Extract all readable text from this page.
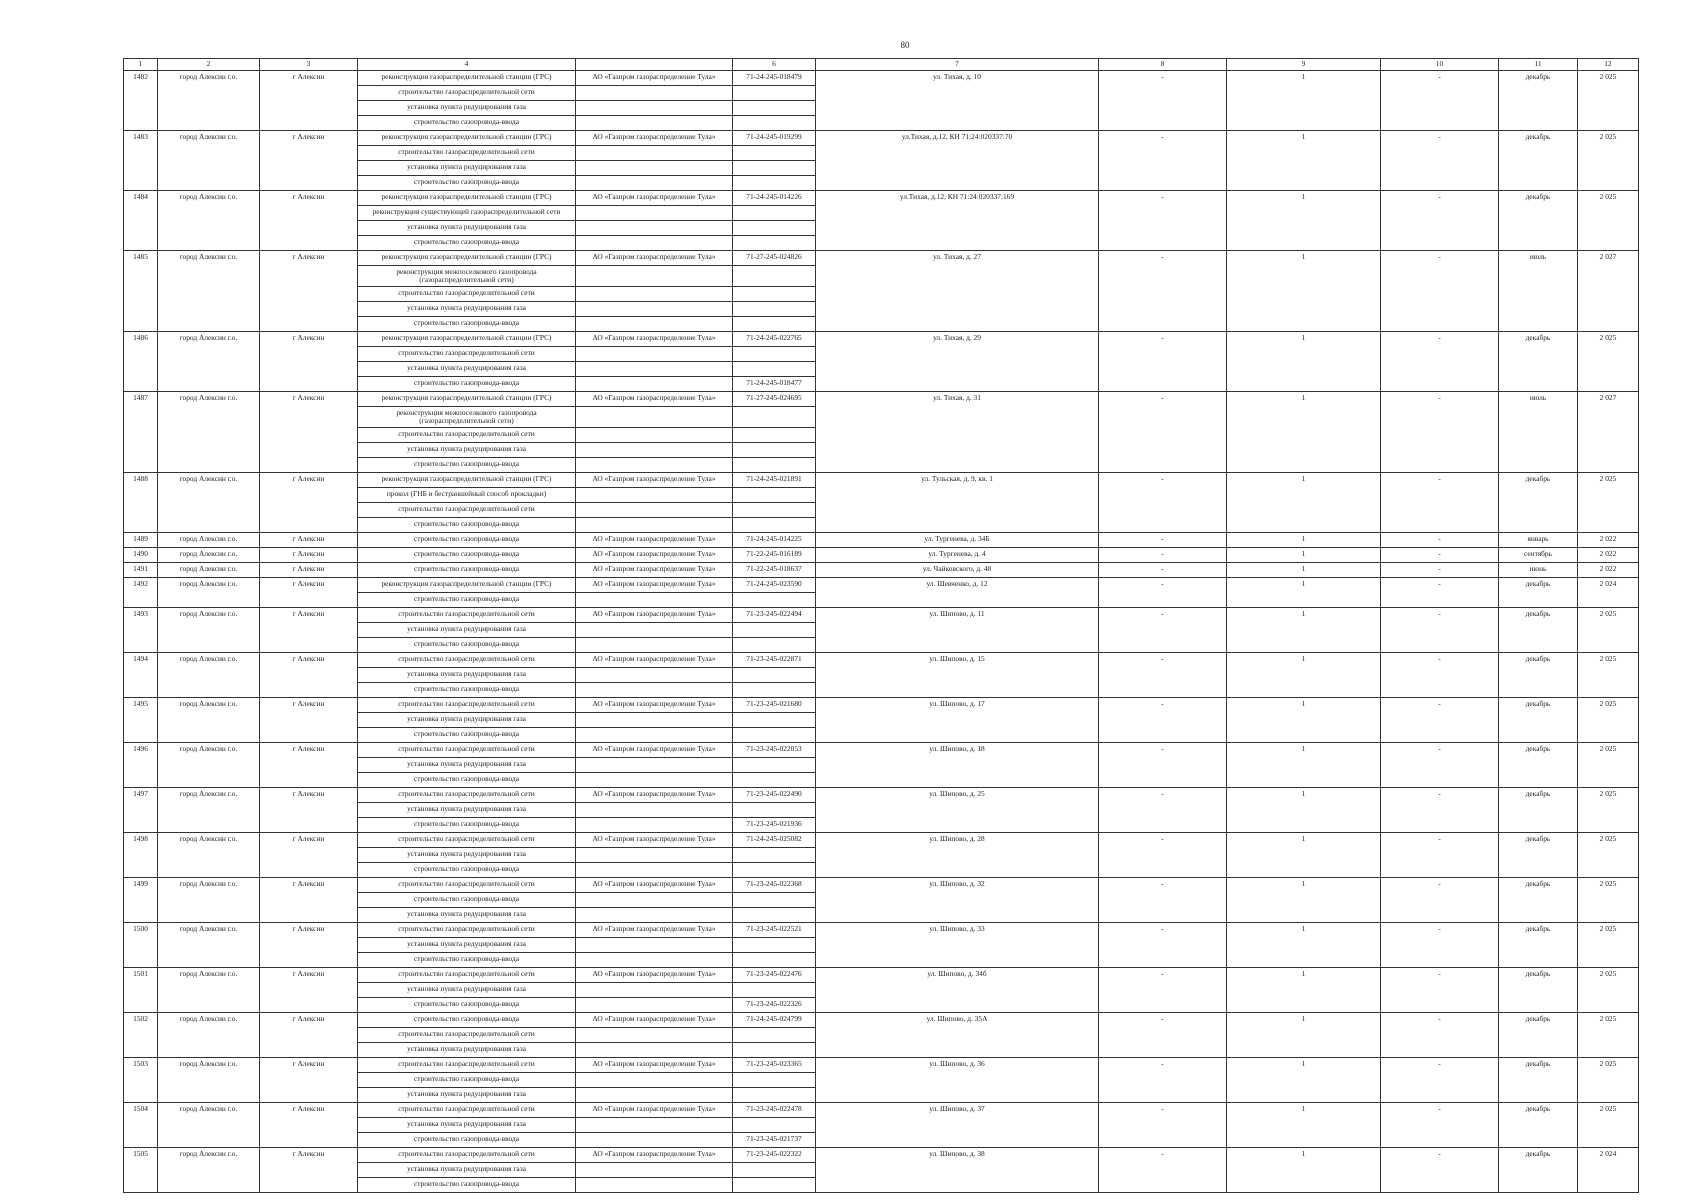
80
1	2	3	4		6	7	8	9	10	11	12
1482	город Алексин г.о.	г Алексин	реконструкция газораспределительной станции (ГРС)	АО «Газпром газораспределение Тула»	71-24-245-018479	ул. Тихая, д. 10	-	1	-	декабрь	2 025
			строительство газораспределительной сети								
			установка пункта редуцирования газа								
			строительство газопровода-ввода								
1483	город Алексин г.о.	г Алексин	реконструкция газораспределительной станции (ГРС)	АО «Газпром газораспределение Тула»	71-24-245-019299	ул.Тихая, д.12, КН 71:24:020337:70	-	1	-	декабрь	2 025
			строительство газораспределительной сети								
			установка пункта редуцирования газа								
			строительство газопровода-ввода								
1484	город Алексин г.о.	г Алексин	реконструкция газораспределительной станции (ГРС)	АО «Газпром газораспределение Тула»	71-24-245-014226	ул.Тихая, д.12, КН 71:24:020337:169	-	1	-	декабрь	2 025
			реконструкция существующей газораспределительной сети								
			установка пункта редуцирования газа								
			строительство газопровода-ввода								
1485	город Алексин г.о.	г Алексин	реконструкция газораспределительной станции (ГРС)	АО «Газпром газораспределение Тула»	71-27-245-024826	ул. Тихая, д. 27	-	1	-	июль	2 027
			реконструкция межпоселкового газопровода (газораспределительной сети)								
			строительство газораспределительной сети								
			установка пункта редуцирования газа								
			строительство газопровода-ввода								
1486	город Алексин г.о.	г Алексин	реконструкция газораспределительной станции (ГРС)	АО «Газпром газораспределение Тула»	71-24-245-022765	ул. Тихая, д. 29	-	1	-	декабрь	2 025
			строительство газораспределительной сети								
			установка пункта редуцирования газа								
			строительство газопровода-ввода		71-24-245-018477						
1487	город Алексин г.о.	г Алексин	реконструкция газораспределительной станции (ГРС)	АО «Газпром газораспределение Тула»	71-27-245-024695	ул. Тихая, д. 31	-	1	-	июль	2 027
			реконструкция межпоселкового газопровода (газораспределительной сети)								
			строительство газораспределительной сети								
			установка пункта редуцирования газа								
			строительство газопровода-ввода								
1488	город Алексин г.о.	г Алексин	реконструкция газораспределительной станции (ГРС)	АО «Газпром газораспределение Тула»	71-24-245-021891	ул. Тульская, д. 9, кв. 1	-	1	-	декабрь	2 025
			прокол (ГНБ и бестраншейный способ прокладки)								
			строительство газораспределительной сети								
			строительство газопровода-ввода								
1489	город Алексин г.о.	г Алексин	строительство газопровода-ввода	АО «Газпром газораспределение Тула»	71-24-245-014225	ул. Тургенева, д. 34Б	-	1	-	январь	2 022
1490	город Алексин г.о.	г Алексин	строительство газопровода-ввода	АО «Газпром газораспределение Тула»	71-22-245-016189	ул. Тургенева, д. 4	-	1	-	сентябрь	2 022
1491	город Алексин г.о.	г Алексин	строительство газопровода-ввода	АО «Газпром газораспределение Тула»	71-22-245-018637	ул. Чайковского, д. 48	-	1	-	июнь	2 022
1492	город Алексин г.о.	г Алексин	реконструкция газораспределительной станции (ГРС)	АО «Газпром газораспределение Тула»	71-24-245-023590	ул. Шевченко, д. 12	-	1	-	декабрь	2 024
			строительство газопровода-ввода								
1493	город Алексин г.о.	г Алексин	строительство газораспределительной сети	АО «Газпром газораспределение Тула»	71-23-245-022494	ул. Шипово, д. 11	-	1	-	декабрь	2 025
			установка пункта редуцирования газа								
			строительство газопровода-ввода								
1494	город Алексин г.о.	г Алексин	строительство газораспределительной сети	АО «Газпром газораспределение Тула»	71-23-245-022871	ул. Шипово, д. 15	-	1	-	декабрь	2 025
			установка пункта редуцирования газа								
			строительство газопровода-ввода								
1495	город Алексин г.о.	г Алексин	строительство газораспределительной сети	АО «Газпром газораспределение Тула»	71-23-245-021680	ул. Шипово, д. 17	-	1	-	декабрь	2 025
			установка пункта редуцирования газа								
			строительство газопровода-ввода								
1496	город Алексин г.о.	г Алексин	строительство газораспределительной сети	АО «Газпром газораспределение Тула»	71-23-245-022053	ул. Шипово, д. 18	-	1	-	декабрь	2 025
			установка пункта редуцирования газа								
			строительство газопровода-ввода								
1497	город Алексин г.о.	г Алексин	строительство газораспределительной сети	АО «Газпром газораспределение Тула»	71-23-245-022490	ул. Шипово, д. 25	-	1	-	декабрь	2 025
			установка пункта редуцирования газа								
			строительство газопровода-ввода		71-23-245-021936						
1498	город Алексин г.о.	г Алексин	строительство газораспределительной сети	АО «Газпром газораспределение Тула»	71-24-245-025082	ул. Шипово, д. 28	-	1	-	декабрь	2 025
			установка пункта редуцирования газа								
			строительство газопровода-ввода								
1499	город Алексин г.о.	г Алексин	строительство газораспределительной сети	АО «Газпром газораспределение Тула»	71-23-245-022368	ул. Шипово, д. 32	-	1	-	декабрь	2 025
			строительство газопровода-ввода								
			установка пункта редуцирования газа								
1500	город Алексин г.о.	г Алексин	строительство газораспределительной сети	АО «Газпром газораспределение Тула»	71-23-245-022521	ул. Шипово, д. 33	-	1	-	декабрь	2 025
			установка пункта редуцирования газа								
			строительство газопровода-ввода								
1501	город Алексин г.о.	г Алексин	строительство газораспределительной сети	АО «Газпром газораспределение Тула»	71-23-245-022476	ул. Шипово, д. 34б	-	1	-	декабрь	2 025
			установка пункта редуцирования газа								
			строительство газопровода-ввода		71-23-245-022326						
1502	город Алексин г.о.	г Алексин	строительство газопровода-ввода	АО «Газпром газораспределение Тула»	71-24-245-024799	ул. Шипово, д. 35А	-	1	-	декабрь	2 025
			строительство газораспределительной сети								
			установка пункта редуцирования газа								
1503	город Алексин г.о.	г Алексин	строительство газораспределительной сети	АО «Газпром газораспределение Тула»	71-23-245-023365	ул. Шипово, д. 36	-	1	-	декабрь	2 025
			строительство газопровода-ввода								
			установка пункта редуцирования газа								
1504	город Алексин г.о.	г Алексин	строительство газораспределительной сети	АО «Газпром газораспределение Тула»	71-23-245-022478	ул. Шипово, д. 37	-	1	-	декабрь	2 025
			установка пункта редуцирования газа								
			строительство газопровода-ввода		71-23-245-021737						
1505	город Алексин г.о.	г Алексин	строительство газораспределительной сети	АО «Газпром газораспределение Тула»	71-23-245-022322	ул. Шипово, д. 38	-	1	-	декабрь	2 024
			установка пункта редуцирования газа								
			строительство газопровода-ввода								
